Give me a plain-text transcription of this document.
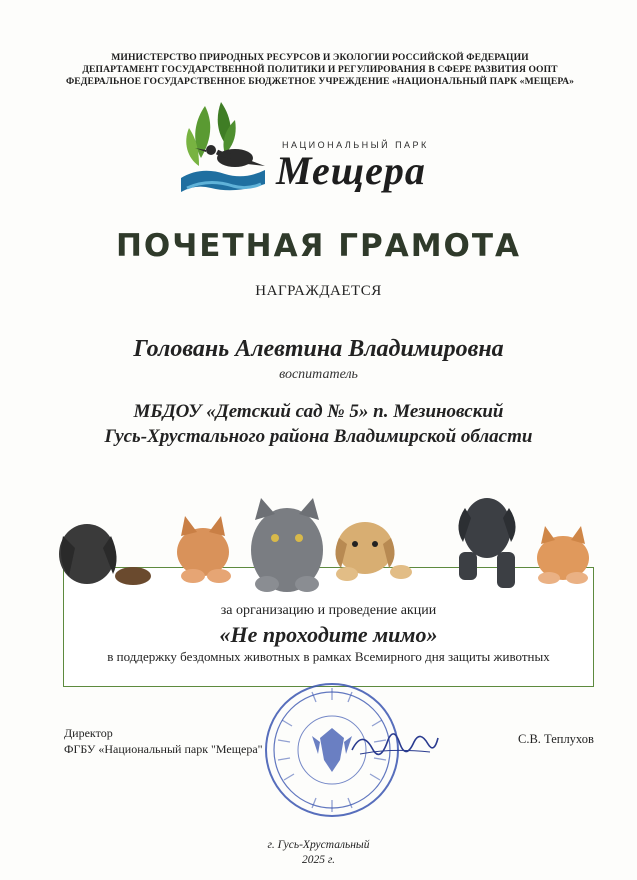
МИНИСТЕРСТВО ПРИРОДНЫХ РЕСУРСОВ И ЭКОЛОГИИ РОССИЙСКОЙ ФЕДЕРАЦИИ
ДЕПАРТАМЕНТ ГОСУДАРСТВЕННОЙ ПОЛИТИКИ И РЕГУЛИРОВАНИЯ В СФЕРЕ РАЗВИТИЯ ООПТ
ФЕДЕРАЛЬНОЕ ГОСУДАРСТВЕННОЕ БЮДЖЕТНОЕ УЧРЕЖДЕНИЕ «НАЦИОНАЛЬНЫЙ ПАРК «МЕЩЕРА»
НАЦИОНАЛЬНЫЙ ПАРК
Мещера
ПОЧЕТНАЯ ГРАМОТА
НАГРАЖДАЕТСЯ
Головань Алевтина Владимировна
воспитатель
МБДОУ «Детский сад № 5» п. Мезиновский
Гусь-Хрустального района Владимирской области
за организацию и проведение акции
«Не проходите мимо»
в поддержку бездомных животных в рамках Всемирного дня защиты животных
Директор
ФГБУ «Национальный парк "Мещера"
С.В. Теплухов
г. Гусь-Хрустальный
2025 г.
